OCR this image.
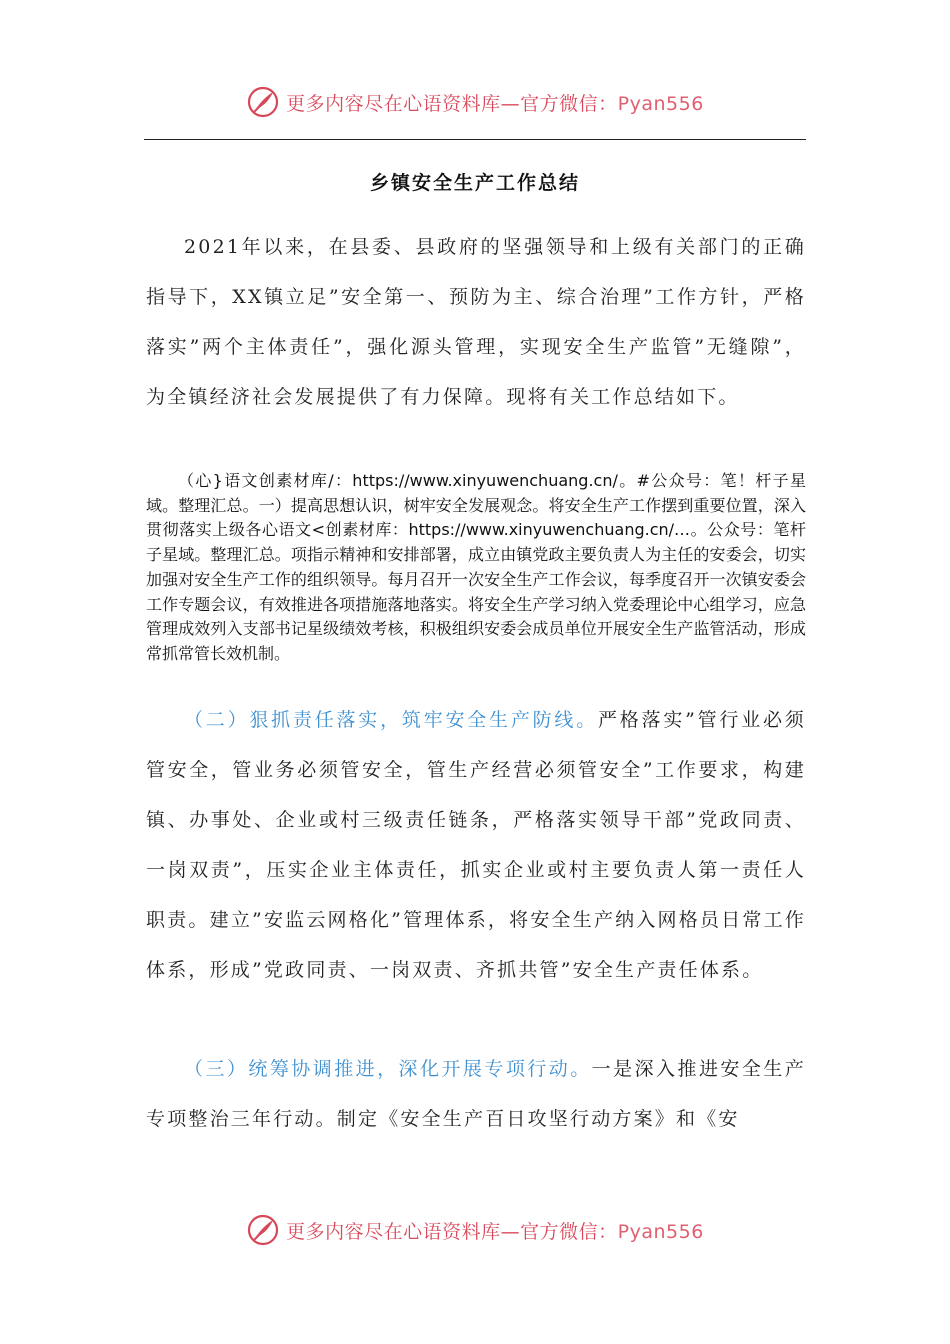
更多内容尽在心语资料库—官方微信：Pyan556
乡镇安全生产工作总结
2021年以来，在县委、县政府的坚强领导和上级有关部门的正确指导下，XX镇立足”安全第一、预防为主、综合治理”工作方针，严格落实”两个主体责任”，强化源头管理，实现安全生产监管”无缝隙”，为全镇经济社会发展提供了有力保障。现将有关工作总结如下。
（心}语文创素材库/：https://www.xinyuwenchuang.cn/。#公众号：笔！杆子星域。整理汇总。一）提高思想认识，树牢安全发展观念。将安全生产工作摆到重要位置，深入贯彻落实上级各心语文<创素材库：https://www.xinyuwenchuang.cn/…。公众号：笔杆子星域。整理汇总。项指示精神和安排部署，成立由镇党政主要负责人为主任的安委会，切实加强对安全生产工作的组织领导。每月召开一次安全生产工作会议，每季度召开一次镇安委会工作专题会议，有效推进各项措施落地落实。将安全生产学习纳入党委理论中心组学习，应急管理成效列入支部书记星级绩效考核，积极组织安委会成员单位开展安全生产监管活动，形成常抓常管长效机制。
（二）狠抓责任落实，筑牢安全生产防线。严格落实”管行业必须管安全，管业务必须管安全，管生产经营必须管安全”工作要求，构建镇、办事处、企业或村三级责任链条，严格落实领导干部”党政同责、一岗双责”，压实企业主体责任，抓实企业或村主要负责人第一责任人职责。建立”安监云网格化”管理体系，将安全生产纳入网格员日常工作体系，形成”党政同责、一岗双责、齐抓共管”安全生产责任体系。
（三）统筹协调推进，深化开展专项行动。一是深入推进安全生产专项整治三年行动。制定《安全生产百日攻坚行动方案》和《安
更多内容尽在心语资料库—官方微信：Pyan556
